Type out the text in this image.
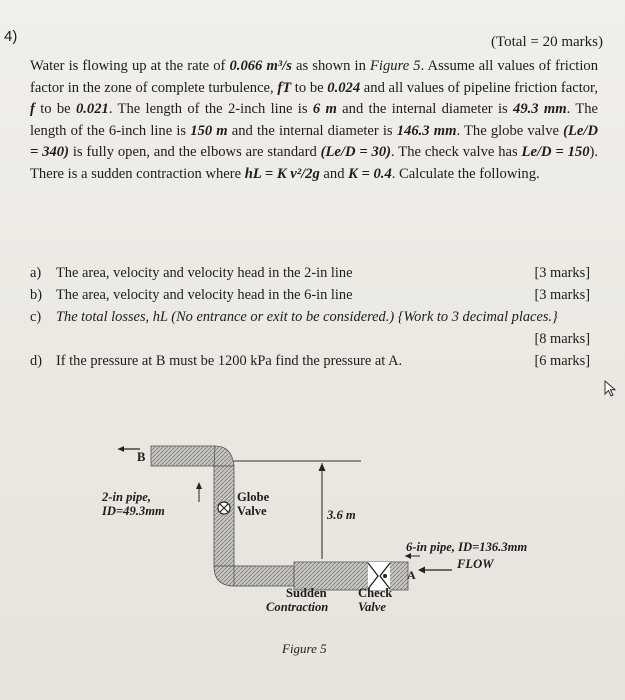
4)	(Total = 20 marks)
Water is flowing up at the rate of 0.066 m³/s as shown in Figure 5. Assume all values of friction factor in the zone of complete turbulence, fT to be 0.024 and all values of pipeline friction factor, f to be 0.021. The length of the 2-inch line is 6 m and the internal diameter is 49.3 mm. The length of the 6-inch line is 150 m and the internal diameter is 146.3 mm. The globe valve (Le/D = 340) is fully open, and the elbows are standard (Le/D = 30). The check valve has Le/D = 150). There is a sudden contraction where hL = K v²/2g and K = 0.4. Calculate the following.
a) The area, velocity and velocity head in the 2-in line	[3 marks]
b) The area, velocity and velocity head in the 6-in line	[3 marks]
c) The total losses, hL (No entrance or exit to be considered.) {Work to 3 decimal places.}
[8 marks]
d) If the pressure at B must be 1200 kPa find the pressure at A.	[6 marks]
B
A
2-in pipe,
ID=49.3mm
Globe
Valve	3.6 m
6-in pipe, ID=136.3mm
FLOW
Sudden
Contraction
Check
Valve
Figure 5
